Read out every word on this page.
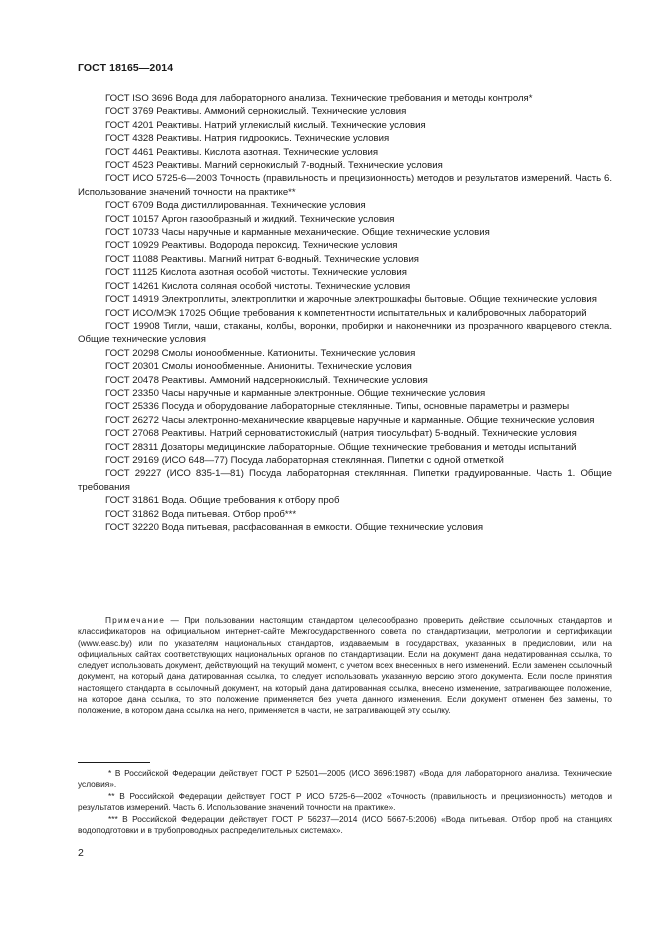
ГОСТ 18165—2014
ГОСТ ISO 3696 Вода для лабораторного анализа. Технические требования и методы контроля*
ГОСТ 3769 Реактивы. Аммоний сернокислый. Технические условия
ГОСТ 4201 Реактивы. Натрий углекислый кислый. Технические условия
ГОСТ 4328 Реактивы. Натрия гидроокись. Технические условия
ГОСТ 4461 Реактивы. Кислота азотная. Технические условия
ГОСТ 4523 Реактивы. Магний сернокислый 7-водный. Технические условия
ГОСТ ИСО 5725-6—2003 Точность (правильность и прецизионность) методов и результатов измерений. Часть 6. Использование значений точности на практике**
ГОСТ 6709 Вода дистиллированная. Технические условия
ГОСТ 10157 Аргон газообразный и жидкий. Технические условия
ГОСТ 10733 Часы наручные и карманные механические. Общие технические условия
ГОСТ 10929 Реактивы. Водорода пероксид. Технические условия
ГОСТ 11088 Реактивы. Магний нитрат 6-водный. Технические условия
ГОСТ 11125 Кислота азотная особой чистоты. Технические условия
ГОСТ 14261 Кислота соляная особой чистоты. Технические условия
ГОСТ 14919 Электроплиты, электроплитки и жарочные электрошкафы бытовые. Общие технические условия
ГОСТ ИСО/МЭК 17025 Общие требования к компетентности испытательных и калибровочных лабораторий
ГОСТ 19908 Тигли, чаши, стаканы, колбы, воронки, пробирки и наконечники из прозрачного кварцевого стекла. Общие технические условия
ГОСТ 20298 Смолы ионообменные. Катиониты. Технические условия
ГОСТ 20301 Смолы ионообменные. Аниониты. Технические условия
ГОСТ 20478 Реактивы. Аммоний надсернокислый. Технические условия
ГОСТ 23350 Часы наручные и карманные электронные. Общие технические условия
ГОСТ 25336 Посуда и оборудование лабораторные стеклянные. Типы, основные параметры и размеры
ГОСТ 26272 Часы электронно-механические кварцевые наручные и карманные. Общие технические условия
ГОСТ 27068 Реактивы. Натрий серноватистокислый (натрия тиосульфат) 5-водный. Технические условия
ГОСТ 28311 Дозаторы медицинские лабораторные. Общие технические требования и методы испытаний
ГОСТ 29169 (ИСО 648—77) Посуда лабораторная стеклянная. Пипетки с одной отметкой
ГОСТ 29227 (ИСО 835-1—81) Посуда лабораторная стеклянная. Пипетки градуированные. Часть 1. Общие требования
ГОСТ 31861 Вода. Общие требования к отбору проб
ГОСТ 31862 Вода питьевая. Отбор проб***
ГОСТ 32220 Вода питьевая, расфасованная в емкости. Общие технические условия
Примечание — При пользовании настоящим стандартом целесообразно проверить действие ссылочных стандартов и классификаторов на официальном интернет-сайте Межгосударственного совета по стандартизации, метрологии и сертификации (www.easc.by) или по указателям национальных стандартов, издаваемым в государствах, указанных в предисловии, или на официальных сайтах соответствующих национальных органов по стандартизации. Если на документ дана недатированная ссылка, то следует использовать документ, действующий на текущий момент, с учетом всех внесенных в него изменений. Если заменен ссылочный документ, на который дана датированная ссылка, то следует использовать указанную версию этого документа. Если после принятия настоящего стандарта в ссылочный документ, на который дана датированная ссылка, внесено изменение, затрагивающее положение, на которое дана ссылка, то это положение применяется без учета данного изменения. Если документ отменен без замены, то положение, в котором дана ссылка на него, применяется в части, не затрагивающей эту ссылку.
* В Российской Федерации действует ГОСТ Р 52501—2005 (ИСО 3696:1987) «Вода для лабораторного анализа. Технические условия».
** В Российской Федерации действует ГОСТ Р ИСО 5725-6—2002 «Точность (правильность и прецизионность) методов и результатов измерений. Часть 6. Использование значений точности на практике».
*** В Российской Федерации действует ГОСТ Р 56237—2014 (ИСО 5667-5:2006) «Вода питьевая. Отбор проб на станциях водоподготовки и в трубопроводных распределительных системах».
2
